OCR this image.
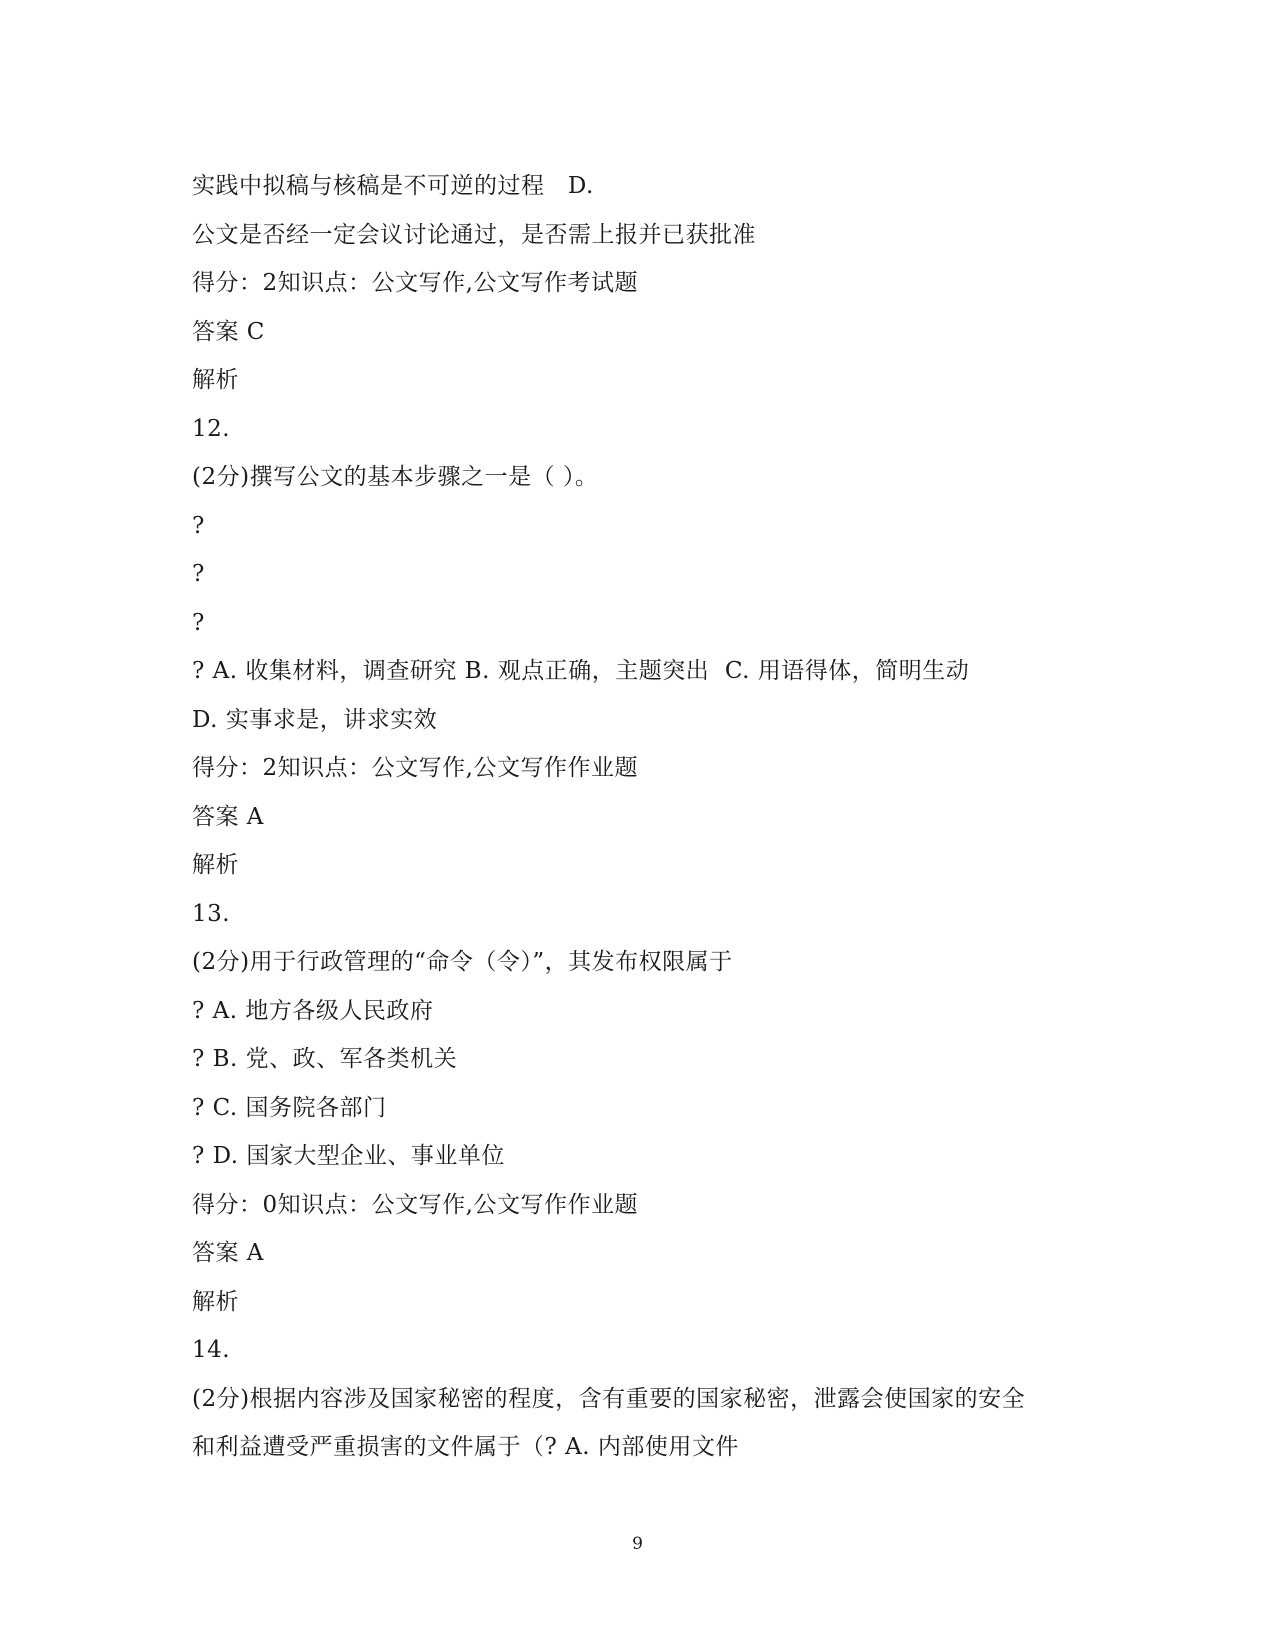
实践中拟稿与核稿是不可逆的过程   D.
公文是否经一定会议讨论通过，是否需上报并已获批准
得分：2知识点：公文写作,公文写作考试题
答案 C
解析
12.
(2分)撰写公文的基本步骤之一是（ ）。
?
?
?
? A. 收集材料，调查研究 B. 观点正确，主题突出  C. 用语得体，简明生动
D. 实事求是，讲求实效
得分：2知识点：公文写作,公文写作作业题
答案 A
解析
13.
(2分)用于行政管理的“命令（令）”，其发布权限属于
? A. 地方各级人民政府
? B. 党、政、军各类机关
? C. 国务院各部门
? D. 国家大型企业、事业单位
得分：0知识点：公文写作,公文写作作业题
答案 A
解析
14.
(2分)根据内容涉及国家秘密的程度，含有重要的国家秘密，泄露会使国家的安全
和利益遭受严重损害的文件属于（? A. 内部使用文件
9
